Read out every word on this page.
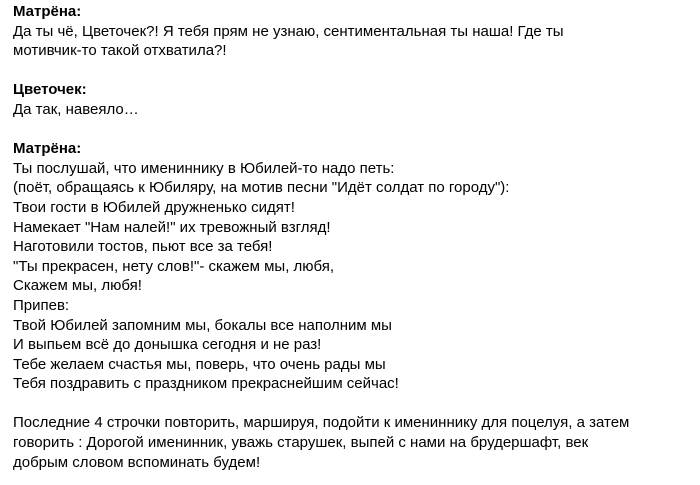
Матрёна:
Да ты чё, Цветочек?! Я тебя прям не узнаю, сентиментальная ты наша! Где ты
мотивчик-то такой отхватила?!
Цветочек:
Да так, навеяло…
Матрёна:
Ты послушай, что имениннику в Юбилей-то надо петь:
(поёт, обращаясь к Юбиляру, на мотив песни "Идёт солдат по городу"):
Твои гости в Юбилей дружненько сидят!
Намекает "Нам налей!" их тревожный взгляд!
Наготовили тостов, пьют все за тебя!
"Ты прекрасен, нету слов!"- скажем мы, любя,
Скажем мы, любя!
Припев:
Твой Юбилей запомним мы, бокалы все наполним мы
И выпьем всё до донышка сегодня и не раз!
Тебе желаем счастья мы, поверь, что очень рады мы
Тебя поздравить с праздником прекраснейшим сейчас!
Последние 4 строчки повторить, маршируя, подойти к имениннику для поцелуя, а затем
говорить : Дорогой именинник, уважь старушек, выпей с нами на брудершафт, век
добрым словом вспоминать будем!
